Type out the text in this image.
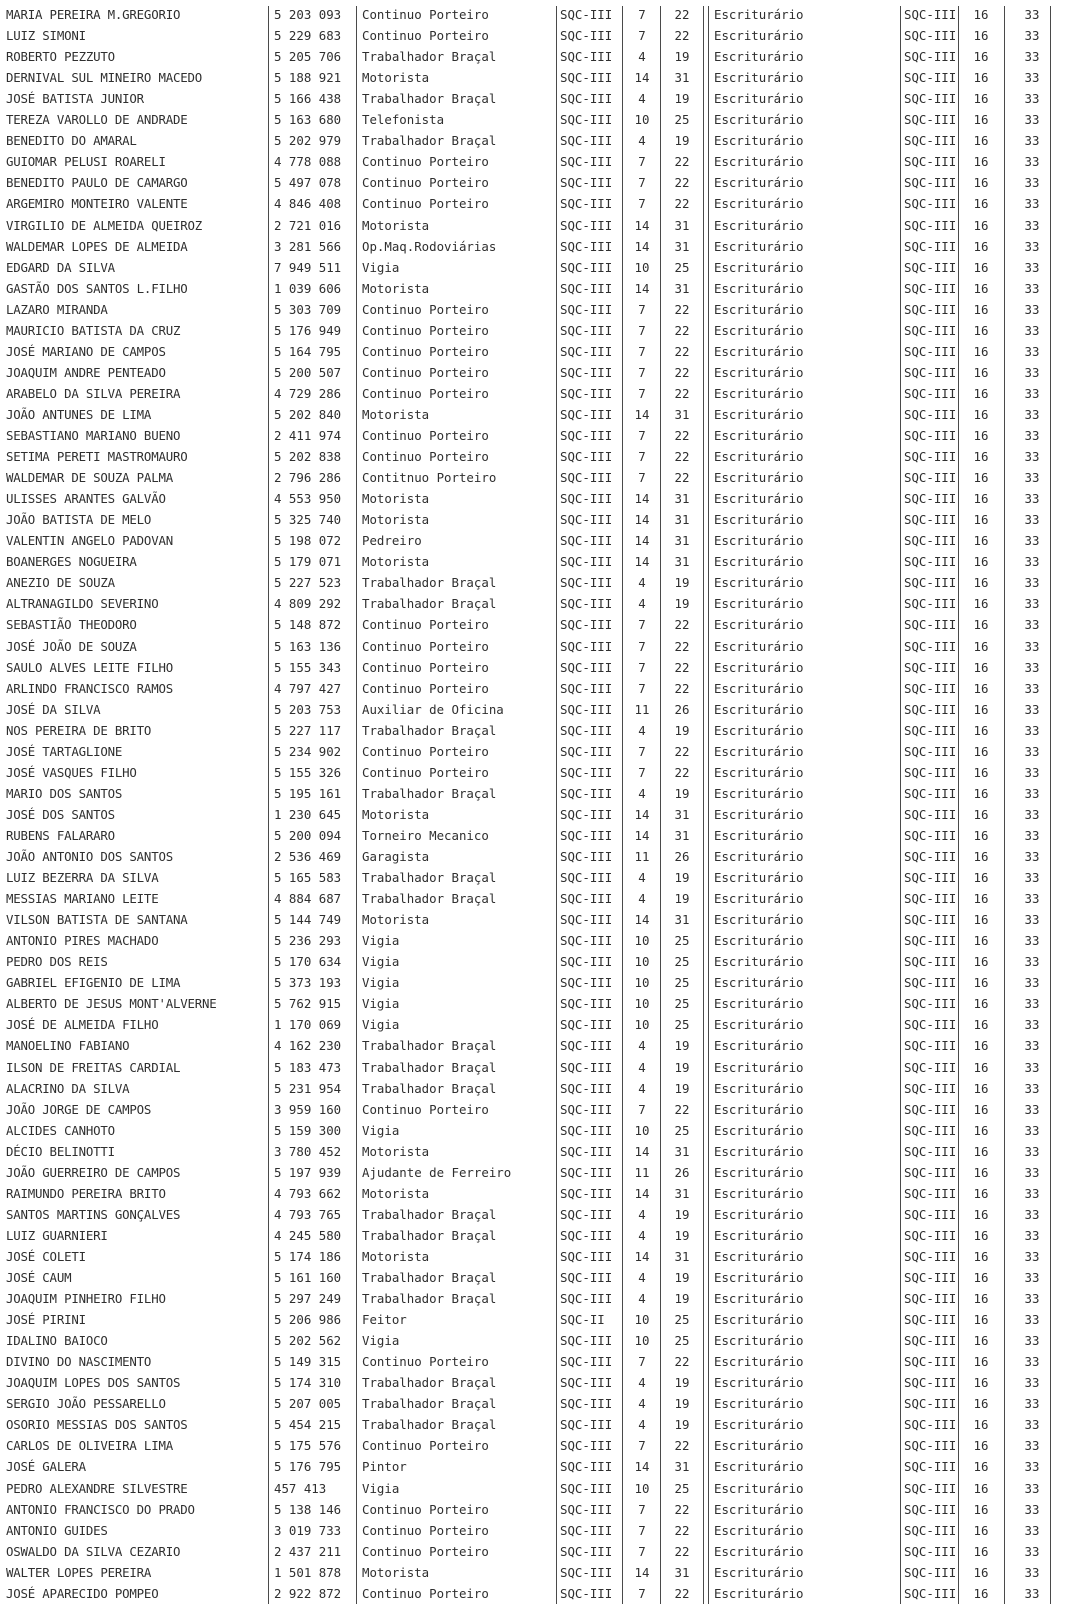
MARIA PEREIRA M.GREGORIO	5 203 093	Continuo Porteiro	SQC-III	7	22	Escriturário	SQC-III	16	33
LUIZ SIMONI	5 229 683	Continuo Porteiro	SQC-III	7	22	Escriturário	SQC-III	16	33
ROBERTO PEZZUTO	5 205 706	Trabalhador Braçal	SQC-III	4	19	Escriturário	SQC-III	16	33
DERNIVAL SUL MINEIRO MACEDO	5 188 921	Motorista	SQC-III	14	31	Escriturário	SQC-III	16	33
JOSÉ BATISTA JUNIOR	5 166 438	Trabalhador Braçal	SQC-III	4	19	Escriturário	SQC-III	16	33
TEREZA VAROLLO DE ANDRADE	5 163 680	Telefonista	SQC-III	10	25	Escriturário	SQC-III	16	33
BENEDITO DO AMARAL	5 202 979	Trabalhador Braçal	SQC-III	4	19	Escriturário	SQC-III	16	33
GUIOMAR PELUSI ROARELI	4 778 088	Continuo Porteiro	SQC-III	7	22	Escriturário	SQC-III	16	33
BENEDITO PAULO DE CAMARGO	5 497 078	Continuo Porteiro	SQC-III	7	22	Escriturário	SQC-III	16	33
ARGEMIRO MONTEIRO VALENTE	4 846 408	Continuo Porteiro	SQC-III	7	22	Escriturário	SQC-III	16	33
VIRGILIO DE ALMEIDA QUEIROZ	2 721 016	Motorista	SQC-III	14	31	Escriturário	SQC-III	16	33
WALDEMAR LOPES DE ALMEIDA	3 281 566	Op.Maq.Rodoviárias	SQC-III	14	31	Escriturário	SQC-III	16	33
EDGARD DA SILVA	7 949 511	Vigia	SQC-III	10	25	Escriturário	SQC-III	16	33
GASTÃO DOS SANTOS L.FILHO	1 039 606	Motorista	SQC-III	14	31	Escriturário	SQC-III	16	33
LAZARO MIRANDA	5 303 709	Continuo Porteiro	SQC-III	7	22	Escriturário	SQC-III	16	33
MAURICIO BATISTA DA CRUZ	5 176 949	Continuo Porteiro	SQC-III	7	22	Escriturário	SQC-III	16	33
JOSÉ MARIANO DE CAMPOS	5 164 795	Continuo Porteiro	SQC-III	7	22	Escriturário	SQC-III	16	33
JOAQUIM ANDRE PENTEADO	5 200 507	Continuo Porteiro	SQC-III	7	22	Escriturário	SQC-III	16	33
ARABELO DA SILVA PEREIRA	4 729 286	Continuo Porteiro	SQC-III	7	22	Escriturário	SQC-III	16	33
JOÃO ANTUNES DE LIMA	5 202 840	Motorista	SQC-III	14	31	Escriturário	SQC-III	16	33
SEBASTIANO MARIANO BUENO	2 411 974	Continuo Porteiro	SQC-III	7	22	Escriturário	SQC-III	16	33
SETIMA PERETI MASTROMAURO	5 202 838	Continuo Porteiro	SQC-III	7	22	Escriturário	SQC-III	16	33
WALDEMAR DE SOUZA PALMA	2 796 286	Contitnuo Porteiro	SQC-III	7	22	Escriturário	SQC-III	16	33
ULISSES ARANTES GALVÃO	4 553 950	Motorista	SQC-III	14	31	Escriturário	SQC-III	16	33
JOÃO BATISTA DE MELO	5 325 740	Motorista	SQC-III	14	31	Escriturário	SQC-III	16	33
VALENTIN ANGELO PADOVAN	5 198 072	Pedreiro	SQC-III	14	31	Escriturário	SQC-III	16	33
BOANERGES NOGUEIRA	5 179 071	Motorista	SQC-III	14	31	Escriturário	SQC-III	16	33
ANEZIO DE SOUZA	5 227 523	Trabalhador Braçal	SQC-III	4	19	Escriturário	SQC-III	16	33
ALTRANAGILDO SEVERINO	4 809 292	Trabalhador Braçal	SQC-III	4	19	Escriturário	SQC-III	16	33
SEBASTIÃO THEODORO	5 148 872	Continuo Porteiro	SQC-III	7	22	Escriturário	SQC-III	16	33
JOSÉ JOÃO DE SOUZA	5 163 136	Continuo Porteiro	SQC-III	7	22	Escriturário	SQC-III	16	33
SAULO ALVES LEITE FILHO	5 155 343	Continuo Porteiro	SQC-III	7	22	Escriturário	SQC-III	16	33
ARLINDO FRANCISCO RAMOS	4 797 427	Continuo Porteiro	SQC-III	7	22	Escriturário	SQC-III	16	33
JOSÉ DA SILVA	5 203 753	Auxiliar de Oficina	SQC-III	11	26	Escriturário	SQC-III	16	33
NOS PEREIRA DE BRITO	5 227 117	Trabalhador Braçal	SQC-III	4	19	Escriturário	SQC-III	16	33
JOSÉ TARTAGLIONE	5 234 902	Continuo Porteiro	SQC-III	7	22	Escriturário	SQC-III	16	33
JOSÉ VASQUES FILHO	5 155 326	Continuo Porteiro	SQC-III	7	22	Escriturário	SQC-III	16	33
MARIO DOS SANTOS	5 195 161	Trabalhador Braçal	SQC-III	4	19	Escriturário	SQC-III	16	33
JOSÉ DOS SANTOS	1 230 645	Motorista	SQC-III	14	31	Escriturário	SQC-III	16	33
RUBENS FALARARO	5 200 094	Torneiro Mecanico	SQC-III	14	31	Escriturário	SQC-III	16	33
JOÃO ANTONIO DOS SANTOS	2 536 469	Garagista	SQC-III	11	26	Escriturário	SQC-III	16	33
LUIZ BEZERRA DA SILVA	5 165 583	Trabalhador Braçal	SQC-III	4	19	Escriturário	SQC-III	16	33
MESSIAS MARIANO LEITE	4 884 687	Trabalhador Braçal	SQC-III	4	19	Escriturário	SQC-III	16	33
VILSON BATISTA DE SANTANA	5 144 749	Motorista	SQC-III	14	31	Escriturário	SQC-III	16	33
ANTONIO PIRES MACHADO	5 236 293	Vigia	SQC-III	10	25	Escriturário	SQC-III	16	33
PEDRO DOS REIS	5 170 634	Vigia	SQC-III	10	25	Escriturário	SQC-III	16	33
GABRIEL EFIGENIO DE LIMA	5 373 193	Vigia	SQC-III	10	25	Escriturário	SQC-III	16	33
ALBERTO DE JESUS MONT'ALVERNE	5 762 915	Vigia	SQC-III	10	25	Escriturário	SQC-III	16	33
JOSÉ DE ALMEIDA FILHO	1 170 069	Vigia	SQC-III	10	25	Escriturário	SQC-III	16	33
MANOELINO FABIANO	4 162 230	Trabalhador Braçal	SQC-III	4	19	Escriturário	SQC-III	16	33
ILSON DE FREITAS CARDIAL	5 183 473	Trabalhador Braçal	SQC-III	4	19	Escriturário	SQC-III	16	33
ALACRINO DA SILVA	5 231 954	Trabalhador Braçal	SQC-III	4	19	Escriturário	SQC-III	16	33
JOÃO JORGE DE CAMPOS	3 959 160	Continuo Porteiro	SQC-III	7	22	Escriturário	SQC-III	16	33
ALCIDES CANHOTO	5 159 300	Vigia	SQC-III	10	25	Escriturário	SQC-III	16	33
DÉCIO BELINOTTI	3 780 452	Motorista	SQC-III	14	31	Escriturário	SQC-III	16	33
JOÃO GUERREIRO DE CAMPOS	5 197 939	Ajudante de Ferreiro	SQC-III	11	26	Escriturário	SQC-III	16	33
RAIMUNDO PEREIRA BRITO	4 793 662	Motorista	SQC-III	14	31	Escriturário	SQC-III	16	33
SANTOS MARTINS GONÇALVES	4 793 765	Trabalhador Braçal	SQC-III	4	19	Escriturário	SQC-III	16	33
LUIZ GUARNIERI	4 245 580	Trabalhador Braçal	SQC-III	4	19	Escriturário	SQC-III	16	33
JOSÉ COLETI	5 174 186	Motorista	SQC-III	14	31	Escriturário	SQC-III	16	33
JOSÉ CAUM	5 161 160	Trabalhador Braçal	SQC-III	4	19	Escriturário	SQC-III	16	33
JOAQUIM PINHEIRO FILHO	5 297 249	Trabalhador Braçal	SQC-III	4	19	Escriturário	SQC-III	16	33
JOSÉ PIRINI	5 206 986	Feitor	SQC-II	10	25	Escriturário	SQC-III	16	33
IDALINO BAIOCO	5 202 562	Vigia	SQC-III	10	25	Escriturário	SQC-III	16	33
DIVINO DO NASCIMENTO	5 149 315	Continuo Porteiro	SQC-III	7	22	Escriturário	SQC-III	16	33
JOAQUIM LOPES DOS SANTOS	5 174 310	Trabalhador Braçal	SQC-III	4	19	Escriturário	SQC-III	16	33
SERGIO JOÃO PESSARELLO	5 207 005	Trabalhador Braçal	SQC-III	4	19	Escriturário	SQC-III	16	33
OSORIO MESSIAS DOS SANTOS	5 454 215	Trabalhador Braçal	SQC-III	4	19	Escriturário	SQC-III	16	33
CARLOS DE OLIVEIRA LIMA	5 175 576	Continuo Porteiro	SQC-III	7	22	Escriturário	SQC-III	16	33
JOSÉ GALERA	5 176 795	Pintor	SQC-III	14	31	Escriturário	SQC-III	16	33
PEDRO ALEXANDRE SILVESTRE	457 413	Vigia	SQC-III	10	25	Escriturário	SQC-III	16	33
ANTONIO FRANCISCO DO PRADO	5 138 146	Continuo Porteiro	SQC-III	7	22	Escriturário	SQC-III	16	33
ANTONIO GUIDES	3 019 733	Continuo Porteiro	SQC-III	7	22	Escriturário	SQC-III	16	33
OSWALDO DA SILVA CEZARIO	2 437 211	Continuo Porteiro	SQC-III	7	22	Escriturário	SQC-III	16	33
WALTER LOPES PEREIRA	1 501 878	Motorista	SQC-III	14	31	Escriturário	SQC-III	16	33
JOSÉ APARECIDO POMPEO	2 922 872	Continuo Porteiro	SQC-III	7	22	Escriturário	SQC-III	16	33
